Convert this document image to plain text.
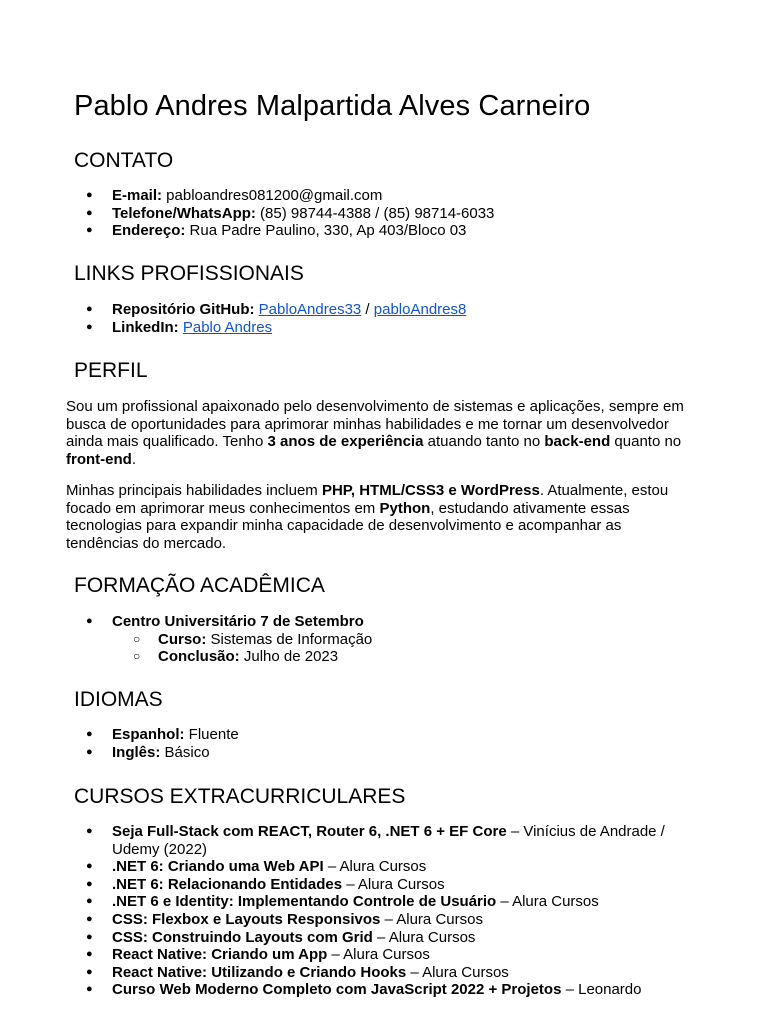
Pablo Andres Malpartida Alves Carneiro
CONTATO
● E-mail: pabloandres081200@gmail.com
● Telefone/WhatsApp: (85) 98744-4388 / (85) 98714-6033
● Endereço: Rua Padre Paulino, 330, Ap 403/Bloco 03
LINKS PROFISSIONAIS
● Repositório GitHub: PabloAndres33 / pabloAndres8
● LinkedIn: Pablo Andres
PERFIL

Sou um profissional apaixonado pelo desenvolvimento de sistemas e aplicações, sempre em busca de oportunidades para aprimorar minhas habilidades e me tornar um desenvolvedor ainda mais qualificado. Tenho 3 anos de experiência atuando tanto no back-end quanto no front-end.

Minhas principais habilidades incluem PHP, HTML/CSS3 e WordPress. Atualmente, estou focado em aprimorar meus conhecimentos em Python, estudando ativamente essas tecnologias para expandir minha capacidade de desenvolvimento e acompanhar as tendências do mercado.

FORMAÇÃO ACADÊMICA
● Centro Universitário 7 de Setembro
○ Curso: Sistemas de Informação
○ Conclusão: Julho de 2023
IDIOMAS
● Espanhol: Fluente
● Inglês: Básico
CURSOS EXTRACURRICULARES
● Seja Full-Stack com REACT, Router 6, .NET 6 + EF Core – Vinícius de Andrade / Udemy (2022)
● .NET 6: Criando uma Web API – Alura Cursos
● .NET 6: Relacionando Entidades – Alura Cursos
● .NET 6 e Identity: Implementando Controle de Usuário – Alura Cursos
● CSS: Flexbox e Layouts Responsivos – Alura Cursos
● CSS: Construindo Layouts com Grid – Alura Cursos
● React Native: Criando um App – Alura Cursos
● React Native: Utilizando e Criando Hooks – Alura Cursos
● Curso Web Moderno Completo com JavaScript 2022 + Projetos – Leonardo
